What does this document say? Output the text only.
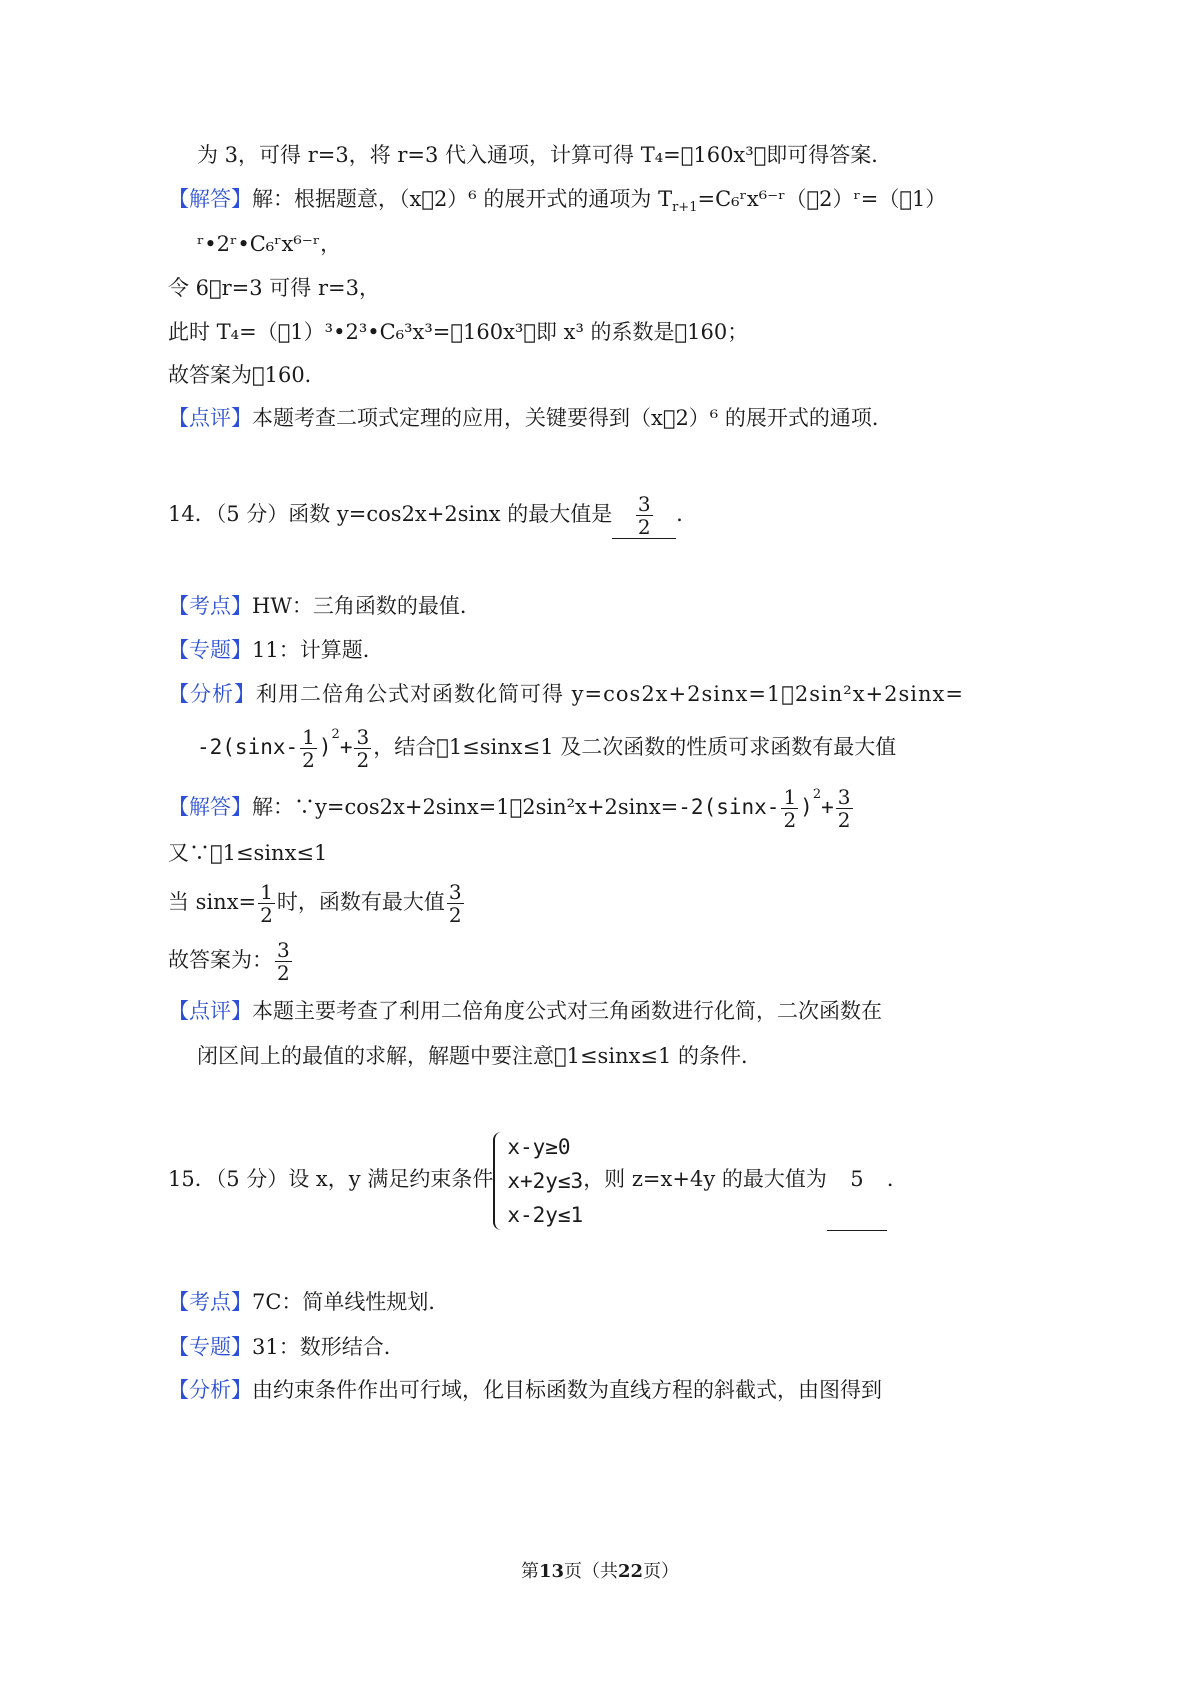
为 3，可得 r=3，将 r=3 代入通项，计算可得 T₄= 160x³，即可得答案．
【解答】解：根据题意，（x 2）⁶ 的展开式的通项为 $T_{r+1}=C_6ʳx^{6-}ʳ( 2)ʳ=( 1)$
ʳ•2ʳ•C₆ʳx⁶⁻ʳ，
令 6 r=3 可得 r=3，
此时 T₄=（ 1）³•2³•C₆³x³= 160x³，即 x³ 的系数是 160；
故答案为 160．
【点评】本题考查二项式定理的应用，关键要得到（x 2）⁶ 的展开式的通项．
14．（5 分）函数 y=cos2x+2sinx 的最大值是 $\frac{3}{2}$ ．
【考点】HW：三角函数的最值．
【专题】11：计算题．
【分析】利用二倍角公式对函数化简可得 y=cos2x+2sinx=1 2sin²x+2sinx=
$-2(\sin x- \frac{1}{2} )^2+ \frac{3}{2}$ ，结合 1≤sinx≤1 及二次函数的性质可求函数有最大值
【解答】解：∵y=cos2x+2sinx=1 2sin²x+2sinx=-2(sinx- $\frac{1}{2} )^2+ \frac{3}{2}$
又∵ 1≤sinx≤1
当 $\sin x= \frac{1}{2}$ 时，函数有最大值 $\frac{3}{2}$
故答案为： $\frac{3}{2}$
【点评】本题主要考查了利用二倍角度公式对三角函数进行化简，二次函数在
闭区间上的最值的求解，解题中要注意 1≤sinx≤1 的条件．
15．（5 分）设 x，y 满足约束条件
x-y≥0
x+2y≤3
x-2y≤1
，则 z=x+4y 的最大值为 5 ．
【考点】7C：简单线性规划．
【专题】31：数形结合．
【分析】由约束条件作出可行域，化目标函数为直线方程的斜截式，由图得到
第13页（共22页）
